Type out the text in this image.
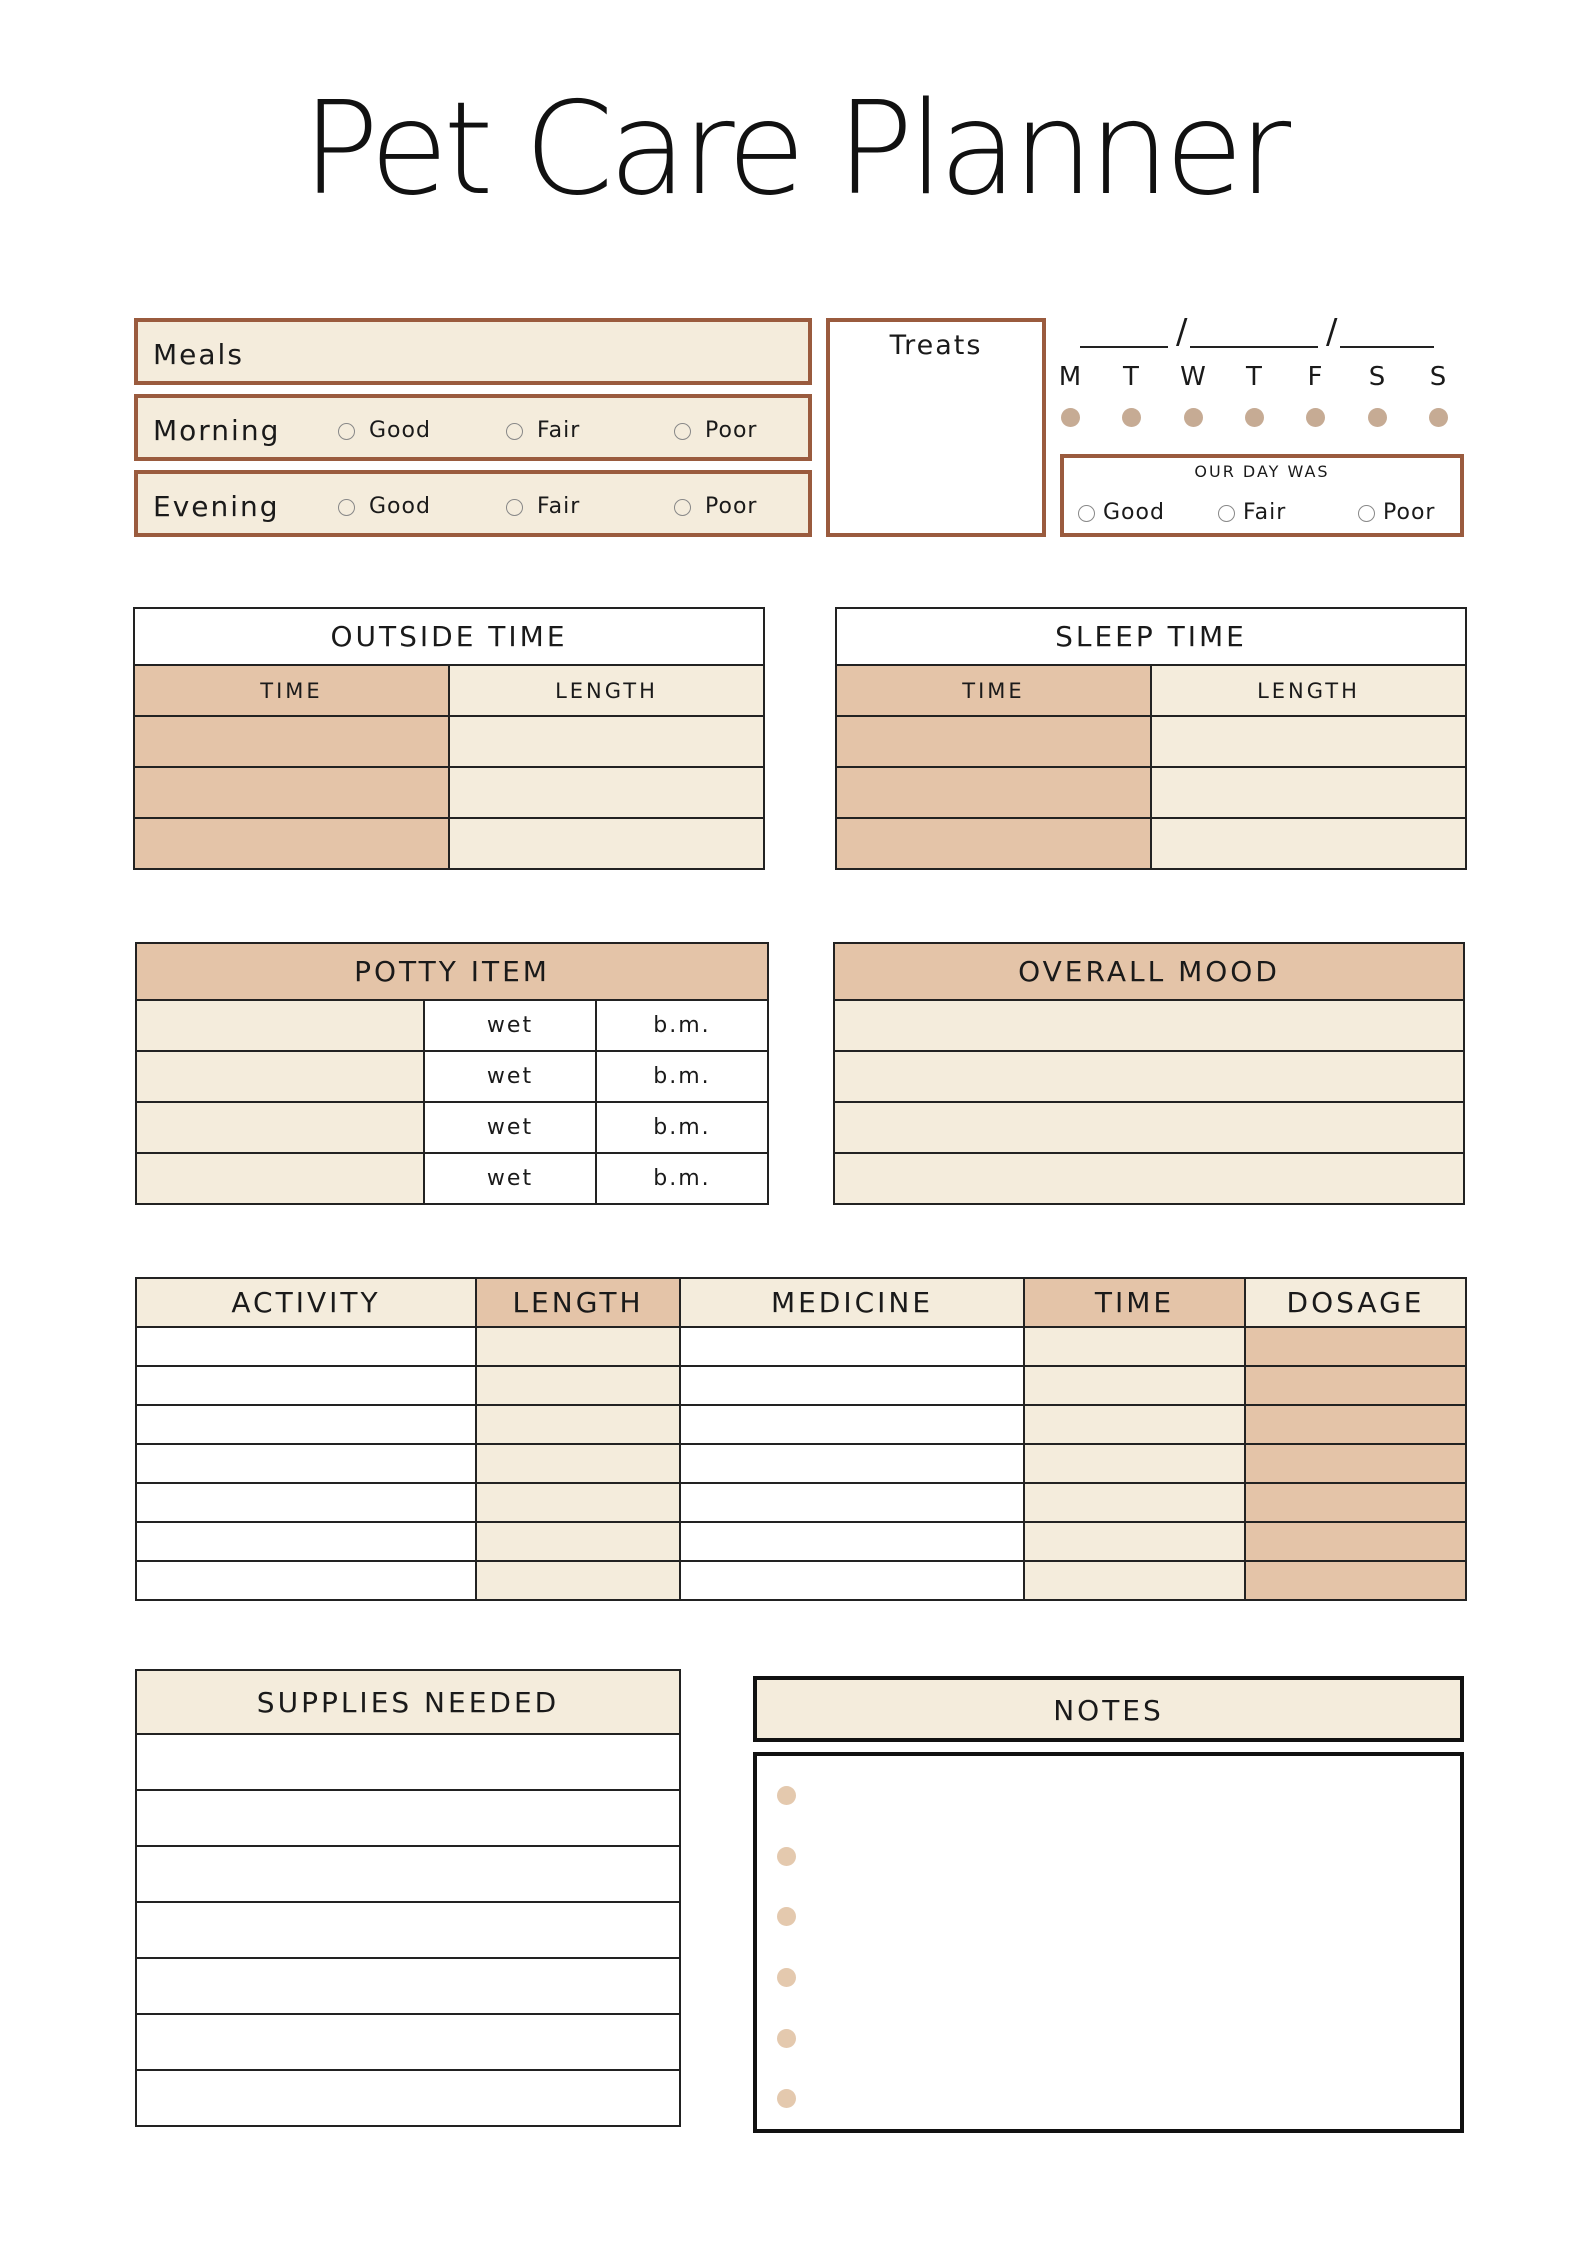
Pet Care Planner
Meals
Morning	Good	Fair	Poor
Evening	Good	Fair	Poor
Treats	/	/
M T W T F S S
OUR DAY WAS
Good	Fair	Poor
OUTSIDE TIME	
TIME	LENGTH

SLEEP TIME	
TIME	LENGTH

POTTY ITEM		
	wet	b.m.
	wet	b.m.
	wet	b.m.
	wet	b.m.
OVERALL MOOD

ACTIVITY	LENGTH	MEDICINE	TIME	DOSAGE

SUPPLIES NEEDED	NOTES
